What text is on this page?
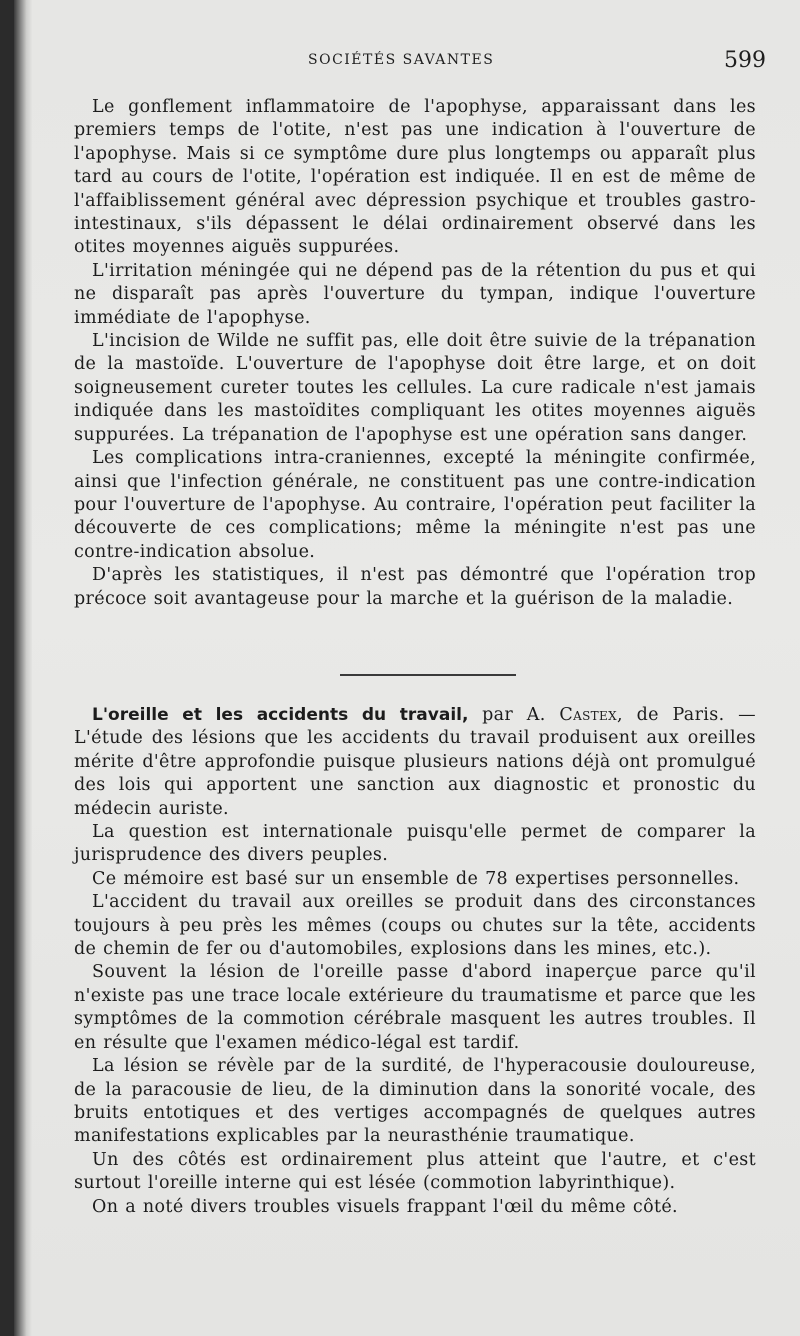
SOCIÉTÉS SAVANTES	599

Le gonflement inflammatoire de l'apophyse, apparaissant dans les premiers temps de l'otite, n'est pas une indication à l'ouverture de l'apophyse. Mais si ce symptôme dure plus longtemps ou apparaît plus tard au cours de l'otite, l'opération est indiquée. Il en est de même de l'affaiblissement général avec dépression psychique et troubles gastro-intestinaux, s'ils dépassent le délai ordinairement observé dans les otites moyennes aiguës suppurées.

L'irritation méningée qui ne dépend pas de la rétention du pus et qui ne disparaît pas après l'ouverture du tympan, indique l'ouverture immédiate de l'apophyse.

L'incision de Wilde ne suffit pas, elle doit être suivie de la trépanation de la mastoïde. L'ouverture de l'apophyse doit être large, et on doit soigneusement cureter toutes les cellules. La cure radicale n'est jamais indiquée dans les mastoïdites compliquant les otites moyennes aiguës suppurées. La trépanation de l'apophyse est une opération sans danger.

Les complications intra-craniennes, excepté la méningite confirmée, ainsi que l'infection générale, ne constituent pas une contre-indication pour l'ouverture de l'apophyse. Au contraire, l'opération peut faciliter la découverte de ces complications; même la méningite n'est pas une contre-indication absolue.

D'après les statistiques, il n'est pas démontré que l'opération trop précoce soit avantageuse pour la marche et la guérison de la maladie.

L'oreille et les accidents du travail, par A. Castex, de Paris. — L'étude des lésions que les accidents du travail produisent aux oreilles mérite d'être approfondie puisque plusieurs nations déjà ont promulgué des lois qui apportent une sanction aux diagnostic et pronostic du médecin auriste.

La question est internationale puisqu'elle permet de comparer la jurisprudence des divers peuples.

Ce mémoire est basé sur un ensemble de 78 expertises personnelles.

L'accident du travail aux oreilles se produit dans des circonstances toujours à peu près les mêmes (coups ou chutes sur la tête, accidents de chemin de fer ou d'automobiles, explosions dans les mines, etc.).

Souvent la lésion de l'oreille passe d'abord inaperçue parce qu'il n'existe pas une trace locale extérieure du traumatisme et parce que les symptômes de la commotion cérébrale masquent les autres troubles. Il en résulte que l'examen médico-légal est tardif.

La lésion se révèle par de la surdité, de l'hyperacousie douloureuse, de la paracousie de lieu, de la diminution dans la sonorité vocale, des bruits entotiques et des vertiges accompagnés de quelques autres manifestations explicables par la neurasthénie traumatique.

Un des côtés est ordinairement plus atteint que l'autre, et c'est surtout l'oreille interne qui est lésée (commotion labyrinthique).

On a noté divers troubles visuels frappant l'œil du même côté.
